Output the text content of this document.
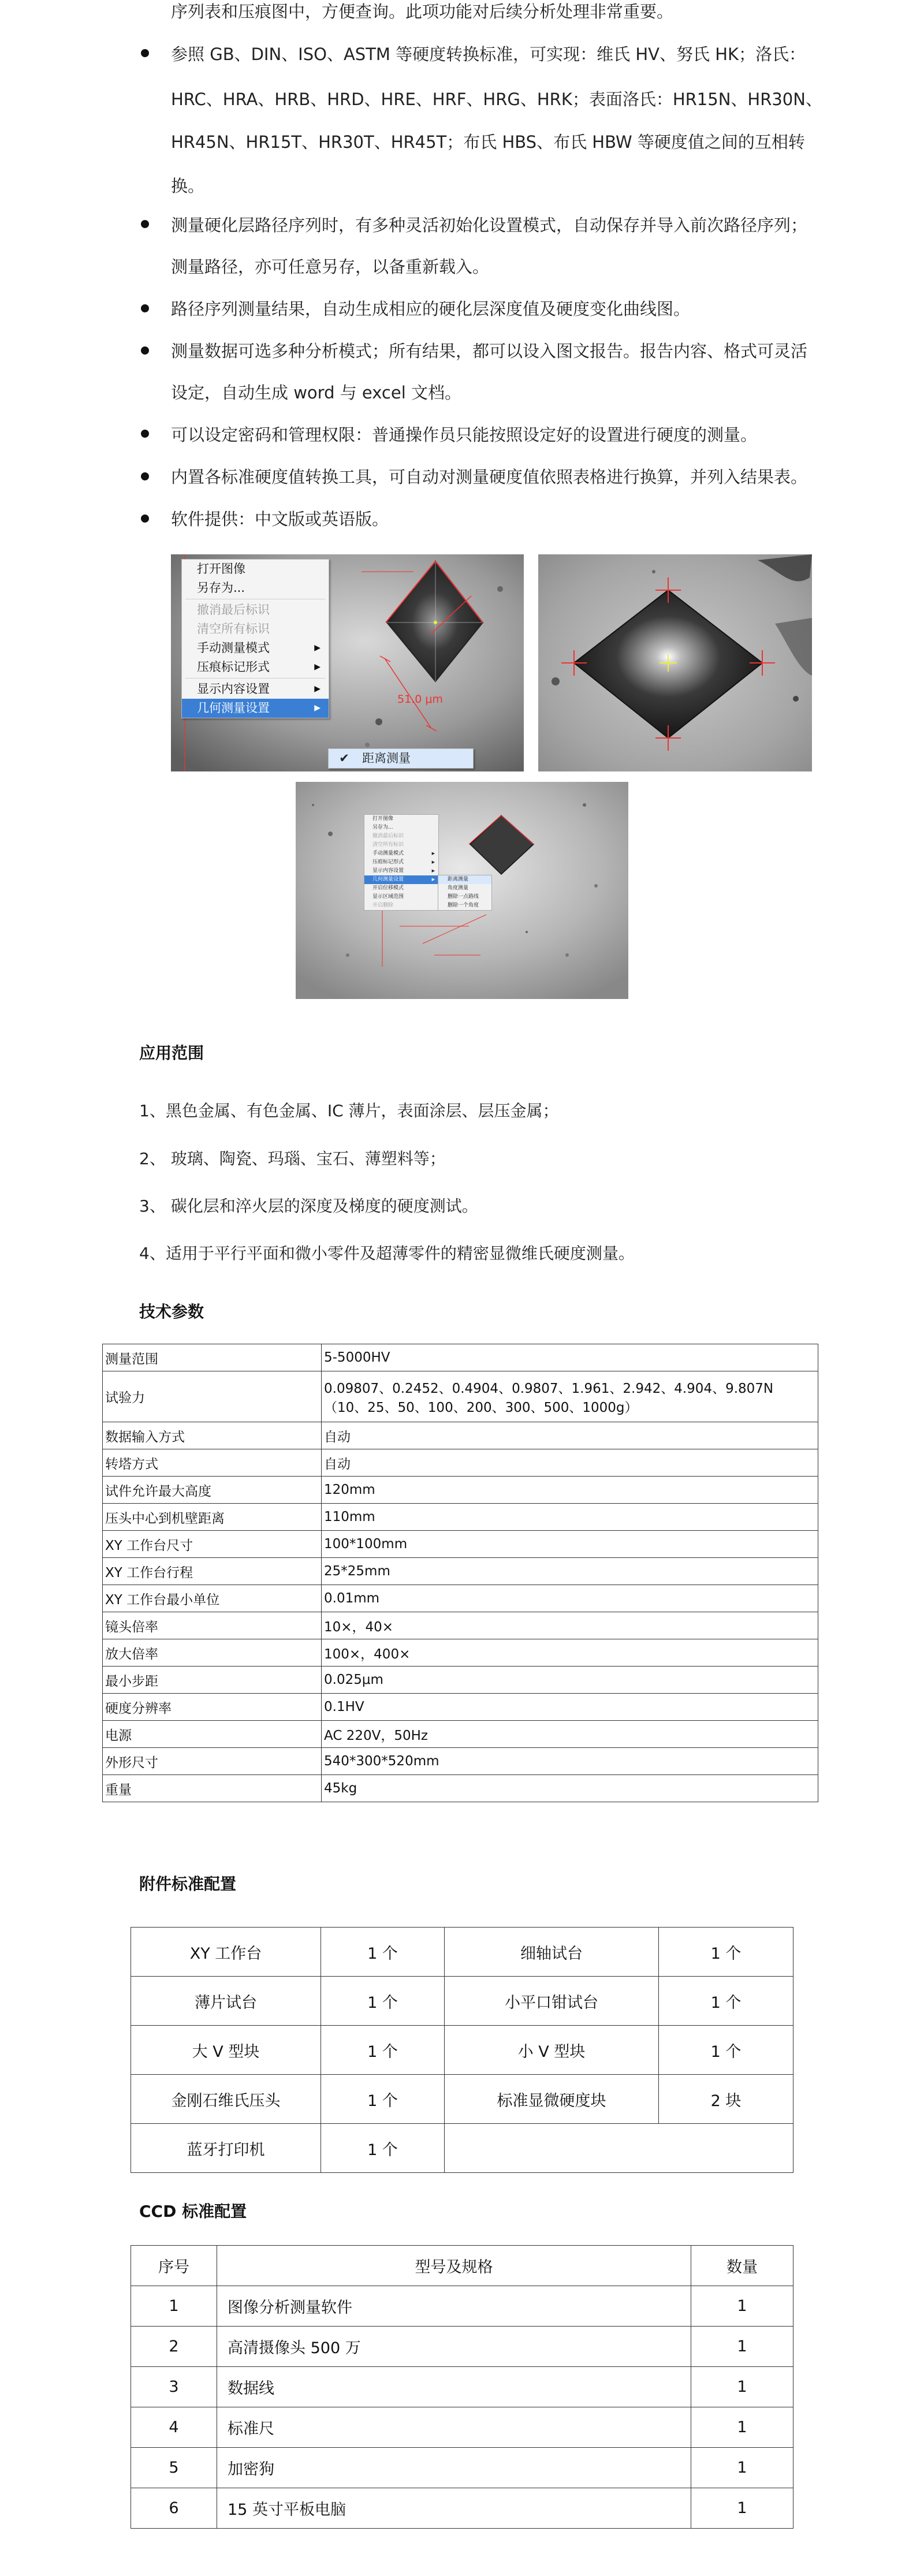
序列表和压痕图中，方便查询。此项功能对后续分析处理非常重要。
参照 GB、DIN、ISO、ASTM 等硬度转换标准，可实现：维氏 HV、努氏 HK；洛氏：
HRC、HRA、HRB、HRD、HRE、HRF、HRG、HRK；表面洛氏：HR15N、HR30N、
HR45N、HR15T、HR30T、HR45T；布氏 HBS、布氏 HBW 等硬度值之间的互相转
换。
测量硬化层路径序列时，有多种灵活初始化设置模式，自动保存并导入前次路径序列；
测量路径，亦可任意另存，以备重新载入。
路径序列测量结果，自动生成相应的硬化层深度值及硬度变化曲线图。
测量数据可选多种分析模式；所有结果，都可以设入图文报告。报告内容、格式可灵活
设定，自动生成 word 与 excel 文档。
可以设定密码和管理权限：普通操作员只能按照设定好的设置进行硬度的测量。
内置各标准硬度值转换工具，可自动对测量硬度值依照表格进行换算，并列入结果表。
软件提供：中文版或英语版。
51.0 μm
打开图像
另存为...
撤消最后标识
清空所有标识
手动测量模式	▶
压痕标记形式	▶
显示内容设置	▶
几何测量设置	▶
✔ 距离测量
打开图像
另存为...
撤消最后标识
清空所有标识
手动测量模式	▶
压痕标记形式	▶
显示内容设置	▶
几何测量设置	▶
开启位移模式
显示区域范围
开启删除
距离测量
角度测量
删除一点路线
删除一个角度
应用范围
1、黑色金属、有色金属、IC 薄片，表面涂层、层压金属；
2、 玻璃、陶瓷、玛瑙、宝石、薄塑料等；
3、 碳化层和淬火层的深度及梯度的硬度测试。
4、适用于平行平面和微小零件及超薄零件的精密显微维氏硬度测量。
技术参数
测量范围	5-5000HV
试验力	0.09807、0.2452、0.4904、0.9807、1.961、2.942、4.904、9.807N
（10、25、50、100、200、300、500、1000g）

数据输入方式	自动
转塔方式	自动
试件允许最大高度	120mm
压头中心到机壁距离	110mm
XY 工作台尺寸	100*100mm
XY 工作台行程	25*25mm
XY 工作台最小单位	0.01mm
镜头倍率	10×，40×
放大倍率	100×，400×
最小步距	0.025μm
硬度分辨率	0.1HV
电源	AC 220V，50Hz
外形尺寸	540*300*520mm
重量	45kg
附件标准配置
XY 工作台	1 个	细轴试台	1 个
薄片试台	1 个	小平口钳试台	1 个
大 V 型块	1 个	小 V 型块	1 个
金刚石维氏压头	1 个	标准显微硬度块	2 块
蓝牙打印机	1 个		
CCD 标准配置
序号	型号及规格	数量
1	图像分析测量软件	1
2	高清摄像头 500 万	1
3	数据线	1
4	标准尺	1
5	加密狗	1
6	15 英寸平板电脑	1
